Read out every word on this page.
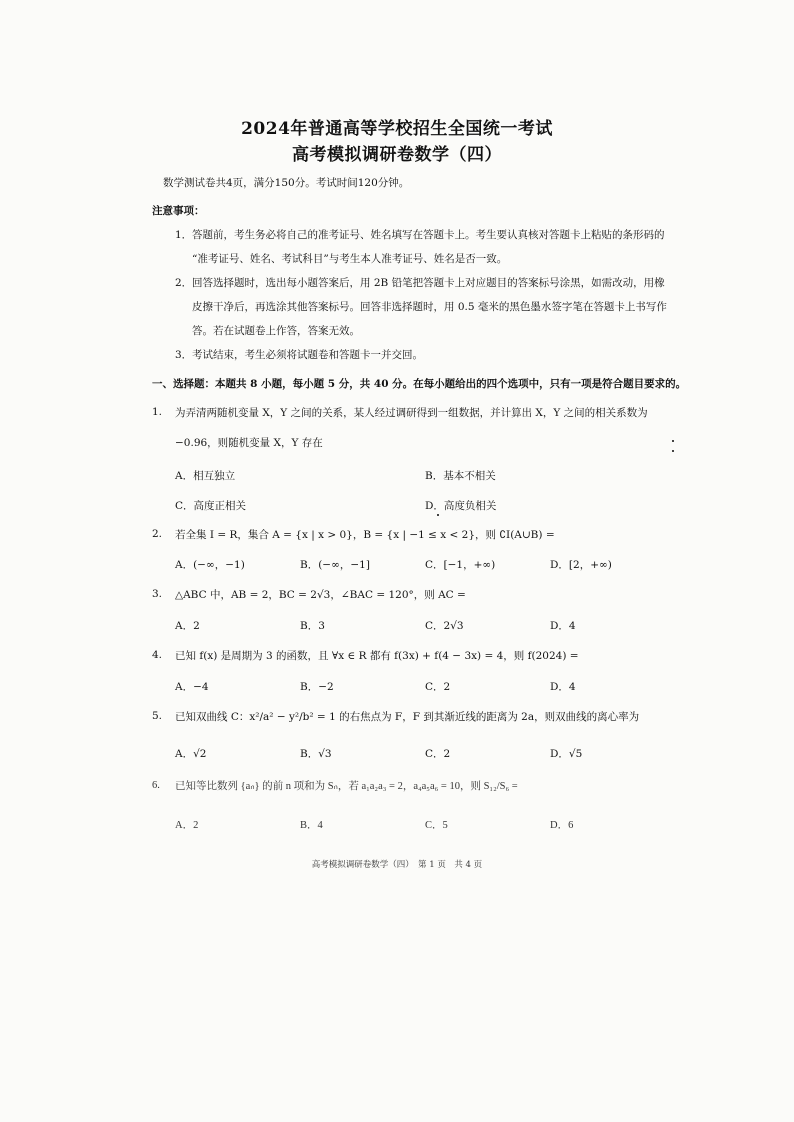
2024年普通高等学校招生全国统一考试
高考模拟调研卷数学（四）
数学测试卷共4页，满分150分。考试时间120分钟。
注意事项：
1． 答题前，考生务必将自己的准考证号、姓名填写在答题卡上。考生要认真核对答题卡上粘贴的条形码的
“准考证号、姓名、考试科目”与考生本人准考证号、姓名是否一致。
2． 回答选择题时，选出每小题答案后，用 2B 铅笔把答题卡上对应题目的答案标号涂黑，如需改动，用橡
皮擦干净后，再选涂其他答案标号。回答非选择题时，用 0.5 毫米的黑色墨水签字笔在答题卡上书写作
答。若在试题卷上作答，答案无效。
3． 考试结束，考生必须将试题卷和答题卡一并交回。
一、选择题：本题共 8 小题，每小题 5 分，共 40 分。在每小题给出的四个选项中，只有一项是符合题目要求的。
1. 为弄清两随机变量 X，Y 之间的关系，某人经过调研得到一组数据，并计算出 X，Y 之间的相关系数为
−0.96，则随机变量 X，Y 存在
A．相互独立	B．基本不相关
C．高度正相关	D．高度负相关
2. 若全集 I = R，集合 A = {x | x > 0}，B = {x | −1 ≤ x < 2}，则 ∁I(A∪B) =
A．(−∞，−1)	B．(−∞，−1]	C．[−1，+∞)	D．[2，+∞)
3. △ABC 中，AB = 2，BC = 2√3，∠BAC = 120°，则 AC =
A．2	B．3	C．2√3	D．4
4. 已知 f(x) 是周期为 3 的函数，且 ∀x ∈ R 都有 f(3x) + f(4 − 3x) = 4，则 f(2024) =
A．−4	B．−2	C．2	D．4
5. 已知双曲线 C：x²/a² − y²/b² = 1 的右焦点为 F，F 到其渐近线的距离为 2a，则双曲线的离心率为
A．√2	B．√3	C．2	D．√5
6. 已知等比数列 {aₙ} 的前 n 项和为 Sₙ，若 a₁a₂a₃ = 2，a₄a₅a₆ = 10，则 S₁₂/S₆ =
A．2	B．4	C．5	D．6
高考模拟调研卷数学（四）　第 1 页　共 4 页
